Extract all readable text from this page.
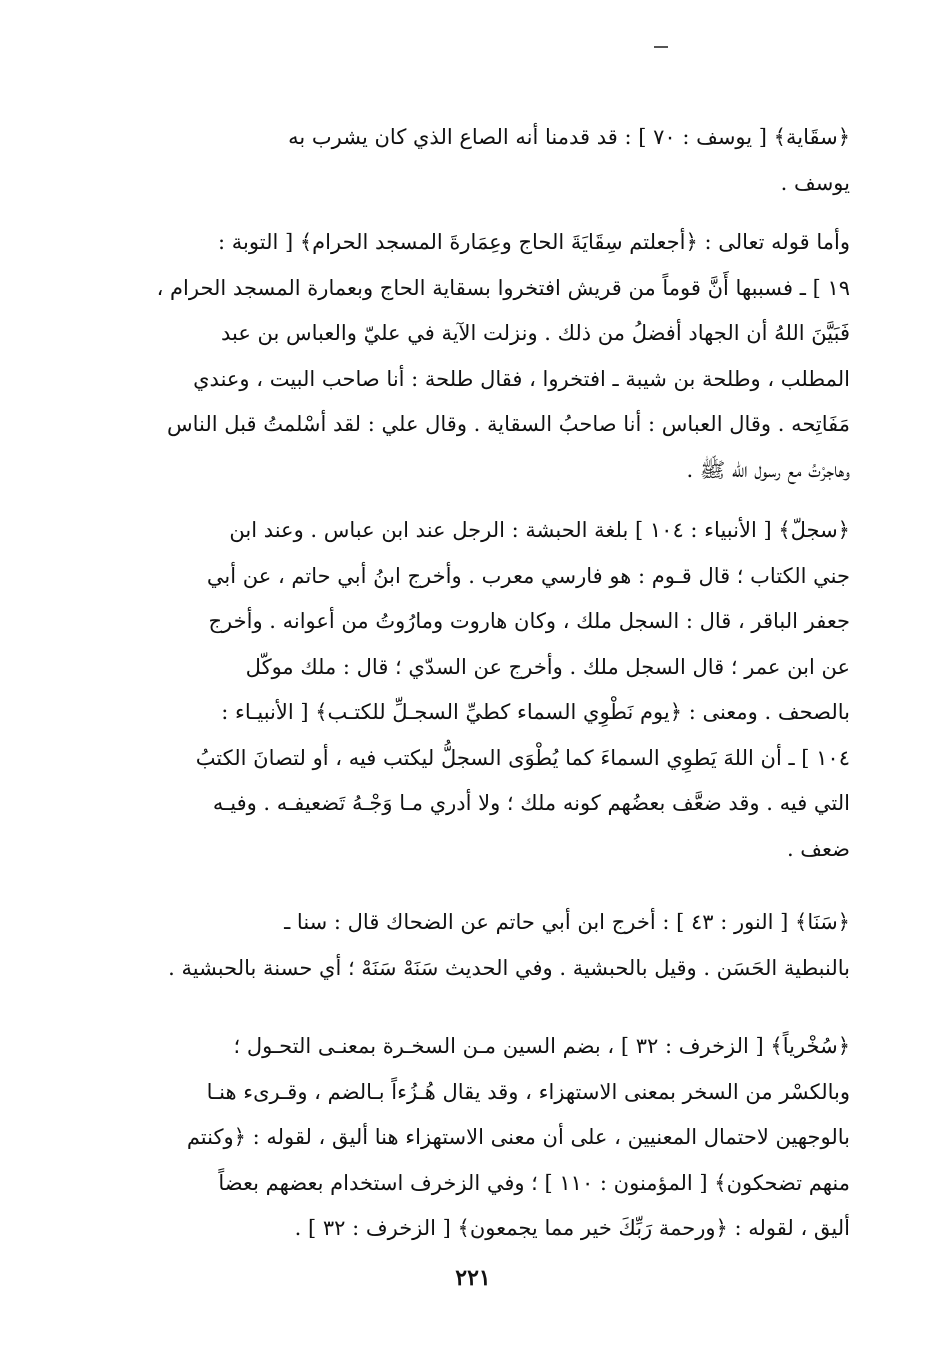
﴿سقَاية﴾ [ يوسف : ٧٠ ] : قد قدمنا أنه الصاع الذي كان يشرب به
يوسف .
وأما قوله تعالى : ﴿أجعلتم سِقَايَةَ الحاج وعِمَارةَ المسجد الحرام﴾ [ التوبة :
١٩ ] ـ فسببها أَنَّ قوماً من قريش افتخروا بسقاية الحاج وبعمارة المسجد الحرام ،
فَبَيَّنَ اللهُ أن الجهاد أفضلُ من ذلك . ونزلت الآية في عليّ والعباس بن عبد
المطلب ، وطلحة بن شيبة ـ افتخروا ، فقال طلحة : أنا صاحب البيت ، وعندي
مَفَاتِحه . وقال العباس : أنا صاحبُ السقاية . وقال علي : لقد أسْلمتُ قبل الناس
وهاجرْتُ مع رسول الله ﷺ .
﴿سجلّ﴾ [ الأنبياء : ١٠٤ ] بلغة الحبشة : الرجل عند ابن عباس . وعند ابن
جني الكتاب ؛ قال قـوم : هو فارسي معرب . وأخرج ابنُ أبي حاتم ، عن أبي
جعفر الباقر ، قال : السجل ملك ، وكان هاروت ومارُوتُ من أعوانه . وأخرج
عن ابن عمر ؛ قال السجل ملك . وأخرج عن السدّي ؛ قال : ملك موكّل
بالصحف . ومعنى : ﴿يوم نَطْوِي السماء كطيِّ السجـلِّ للكتـب﴾ [ الأنبيـاء :
١٠٤ ] ـ أن اللهَ يَطوِي السماءَ كما يُطْوَى السجلُّ ليكتب فيه ، أو لتصانَ الكتبُ
التي فيه . وقد ضعَّف بعضُهم كونه ملك ؛ ولا أدري مـا وَجْـهُ تَضعيفـه . وفيـه
ضعف .
﴿سَنَا﴾ [ النور : ٤٣ ] : أخرج ابن أبي حاتم عن الضحاك قال : سنا ـ
بالنبطية الحَسَن . وقيل بالحبشية . وفي الحديث سَنَهْ سَنَهْ ؛ أي حسنة بالحبشية .
﴿سُخْرياً﴾ [ الزخرف : ٣٢ ] ، بضم السين مـن السخـرة بمعنـى التحـول ؛
وبالكسْر من السخر بمعنى الاستهزاء ، وقد يقال هُـزُءاً بـالضم ، وقـرىء هنـا
بالوجهين لاحتمال المعنيين ، على أن معنى الاستهزاء هنا أليق ، لقوله : ﴿وكنتم
منهم تضحكون﴾ [ المؤمنون : ١١٠ ] ؛ وفي الزخرف استخدام بعضهم بعضاً
أليق ، لقوله : ﴿ورحمة رَبِّكَ خير مما يجمعون﴾ [ الزخرف : ٣٢ ] .
٢٢١
